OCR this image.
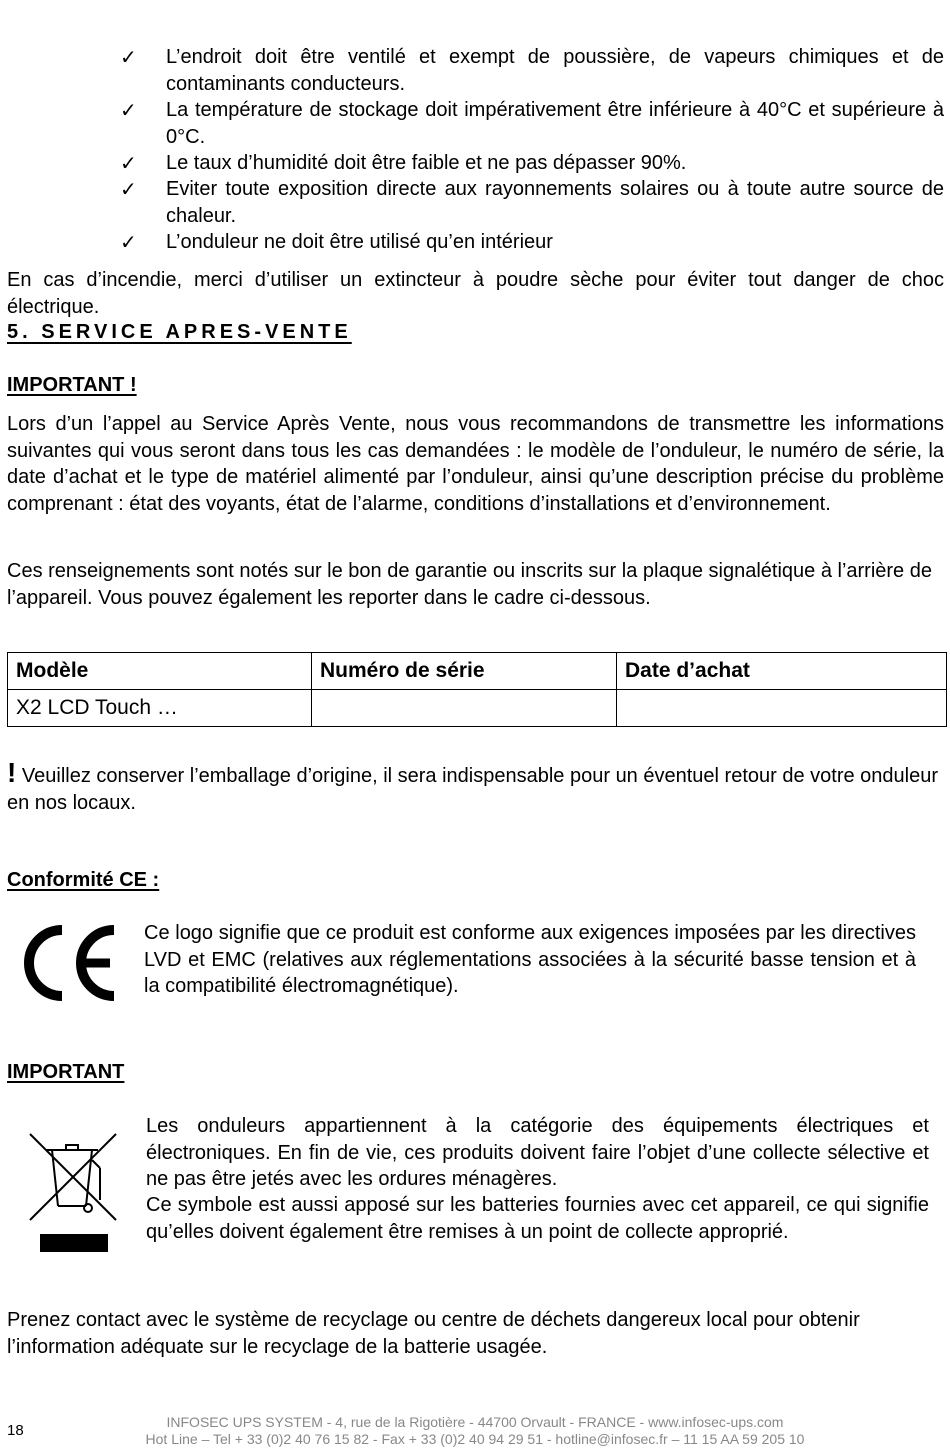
✓ L’endroit doit être ventilé et exempt de poussière, de vapeurs chimiques et de contaminants conducteurs.
✓ La température de stockage doit impérativement être inférieure à 40°C et supérieure à 0°C.
✓ Le taux d’humidité doit être faible et ne pas dépasser 90%.
✓ Eviter toute exposition directe aux rayonnements solaires ou à toute autre source de chaleur.
✓ L’onduleur ne doit être utilisé qu’en intérieur

En cas d’incendie, merci d’utiliser un extincteur à poudre sèche pour éviter tout danger de choc électrique.

5. SERVICE APRES-VENTE
IMPORTANT !

Lors d’un l’appel au Service Après Vente, nous vous recommandons de transmettre les informations suivantes qui vous seront dans tous les cas demandées : le modèle de l’onduleur, le numéro de série, la date d’achat et le type de matériel alimenté par l’onduleur, ainsi qu’une description précise du problème comprenant : état des voyants, état de l’alarme, conditions d’installations et d’environnement.

Ces renseignements sont notés sur le bon de garantie ou inscrits sur la plaque signalétique à l’arrière de l’appareil. Vous pouvez également les reporter dans le cadre ci-dessous.

Modèle	Numéro de série	Date d’achat
X2 LCD Touch …		

! Veuillez conserver l’emballage d’origine, il sera indispensable pour un éventuel retour de votre onduleur en nos locaux.

Conformité CE :

Ce logo signifie que ce produit est conforme aux exigences imposées par les directives LVD et EMC (relatives aux réglementations associées à la sécurité basse tension et à la compatibilité électromagnétique).

IMPORTANT

Les onduleurs appartiennent à la catégorie des équipements électriques et électroniques. En fin de vie, ces produits doivent faire l’objet d’une collecte sélective et ne pas être jetés avec les ordures ménagères.

Ce symbole est aussi apposé sur les batteries fournies avec cet appareil, ce qui signifie qu’elles doivent également être remises à un point de collecte approprié.

Prenez contact avec le système de recyclage ou centre de déchets dangereux local pour obtenir l’information adéquate sur le recyclage de la batterie usagée.

18	INFOSEC UPS SYSTEM - 4, rue de la Rigotière - 44700 Orvault - FRANCE - www.infosec-ups.com
Hot Line – Tel + 33 (0)2 40 76 15 82 - Fax + 33 (0)2 40 94 29 51 - hotline@infosec.fr – 11 15 AA 59 205 10
